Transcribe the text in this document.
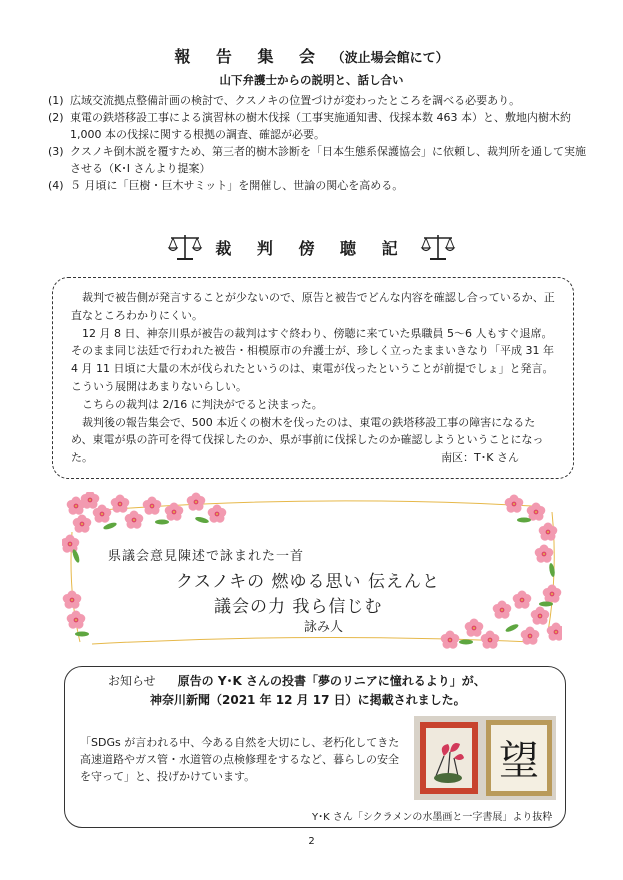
報 告 集 会 （波止場会館にて）
山下弁護士からの説明と、話し合い
(1) 広域交流拠点整備計画の検討で、クスノキの位置づけが変わったところを調べる必要あり。
(2) 東電の鉄塔移設工事による演習林の樹木伐採（工事実施通知書、伐採本数 463 本）と、敷地内樹木約 1,000 本の伐採に関する根拠の調査、確認が必要。
(3) クスノキ倒木説を覆すため、第三者的樹木診断を「日本生態系保護協会」に依頼し、裁判所を通して実施させる（K･I さんより提案）
(4) ５ 月頃に「巨樹・巨木サミット」を開催し、世論の関心を高める。
裁 判 傍 聴 記

裁判で被告側が発言することが少ないので、原告と被告でどんな内容を確認し合っているか、正直なところわかりにくい。

12 月 8 日、神奈川県が被告の裁判はすぐ終わり、傍聴に来ていた県職員 5～6 人もすぐ退席。そのまま同じ法廷で行われた被告・相模原市の弁護士が、珍しく立ったままいきなり「平成 31 年 4 月 11 日頃に大量の木が伐られたというのは、東電が伐ったということが前提でしょ」と発言。こういう展開はあまりないらしい。

こちらの裁判は 2/16 に判決がでると決まった。

裁判後の報告集会で、500 本近くの樹木を伐ったのは、東電の鉄塔移設工事の障害になるため、東電が県の許可を得て伐採したのか、県が事前に伐採したのか確認しようということになった。	南区：T･K さん
県議会意見陳述で詠まれた一首
クスノキの 燃ゆる思い 伝えんと
議会の力 我ら信じむ
詠み人
お知らせ 原告の Y･K さんの投書「夢のリニアに憧れるより」が、
神奈川新聞（2021 年 12 月 17 日）に掲載されました。
「SDGs が言われる中、今ある自然を大切にし、老朽化してきた高速道路やガス管・水道管の点検修理をするなど、暮らしの安全を守って」と、投げかけています。	望
Y･K さん「シクラメンの水墨画と一字書展」より抜粋
2
